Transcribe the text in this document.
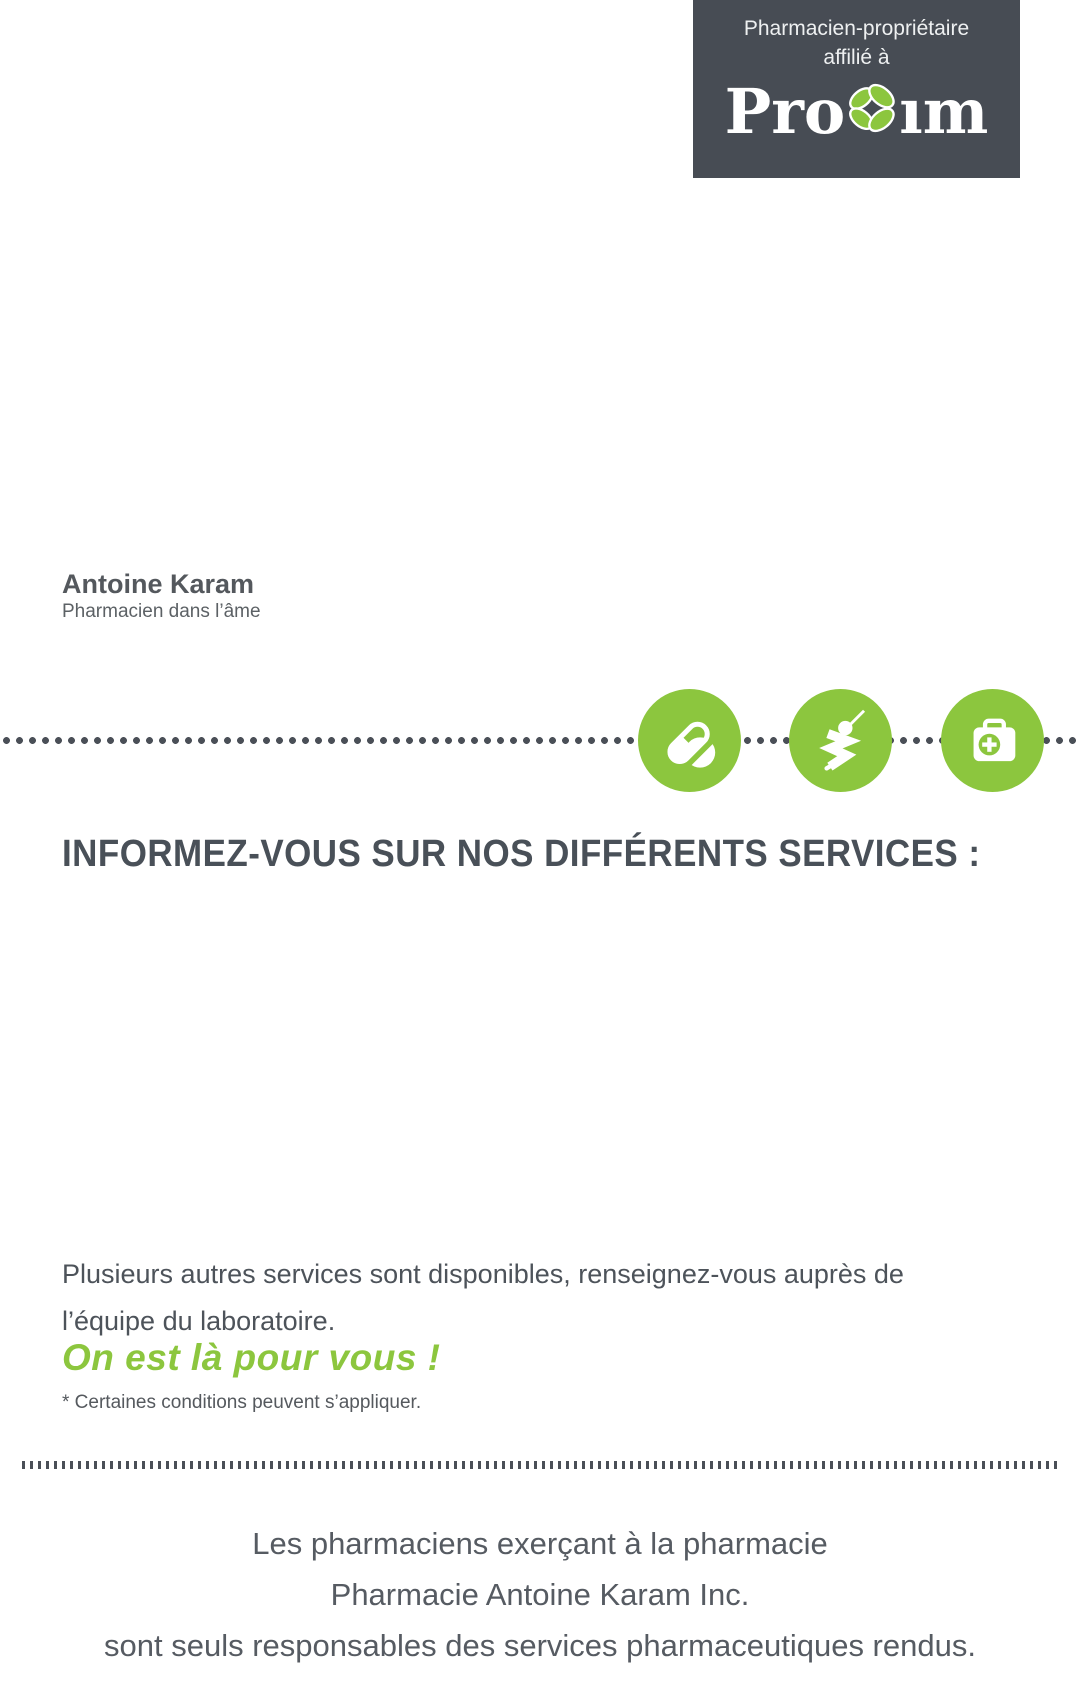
Pharmacien-propriétaire
affilié à
Pro ım
Antoine Karam
Pharmacien dans l’âme
INFORMEZ-VOUS SUR NOS DIFFÉRENTS SERVICES :
Plusieurs autres services sont disponibles, renseignez-vous auprès de l’équipe du laboratoire.
On est là pour vous !
* Certaines conditions peuvent s’appliquer.
Les pharmaciens exerçant à la pharmacie
Pharmacie Antoine Karam Inc.
sont seuls responsables des services pharmaceutiques rendus.
